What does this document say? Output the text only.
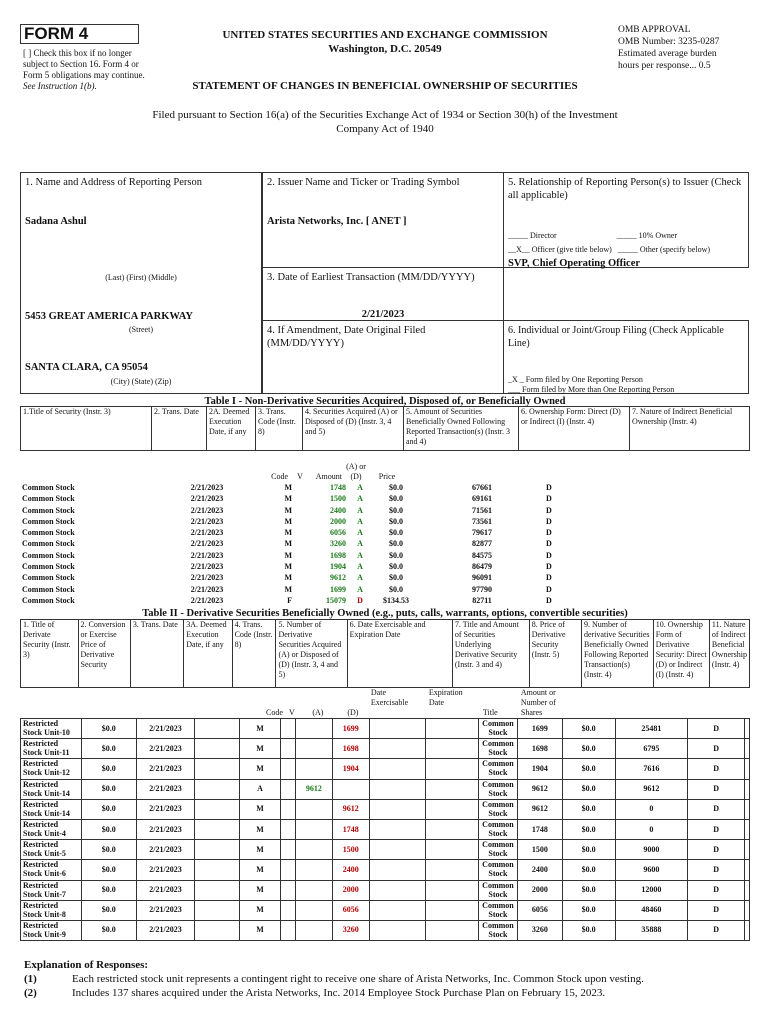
FORM 4
[ ] Check this box if no longer subject to Section 16. Form 4 or Form 5 obligations may continue. See Instruction 1(b).
UNITED STATES SECURITIES AND EXCHANGE COMMISSION
Washington, D.C. 20549
OMB APPROVAL
OMB Number: 3235-0287
Estimated average burden
hours per response... 0.5
STATEMENT OF CHANGES IN BENEFICIAL OWNERSHIP OF SECURITIES
Filed pursuant to Section 16(a) of the Securities Exchange Act of 1934 or Section 30(h) of the Investment Company Act of 1940
1. Name and Address of Reporting Person
Sadana Ashul
(Last) (First) (Middle)
5453 GREAT AMERICA PARKWAY
(Street)
SANTA CLARA, CA 95054
(City) (State) (Zip)
2. Issuer Name and Ticker or Trading Symbol
Arista Networks, Inc. [ ANET ]
3. Date of Earliest Transaction (MM/DD/YYYY)
2/21/2023
4. If Amendment, Date Original Filed (MM/DD/YYYY)
5. Relationship of Reporting Person(s) to Issuer (Check all applicable)
_____ Director                              _____ 10% Owner
__X__ Officer (give title below)   _____ Other (specify below)
SVP, Chief Operating Officer
6. Individual or Joint/Group Filing (Check Applicable Line)
_X _ Form filed by One Reporting Person
___ Form filed by More than One Reporting Person
Table I - Non-Derivative Securities Acquired, Disposed of, or Beneficially Owned
1.Title of Security (Instr. 3)	2. Trans. Date	2A. Deemed Execution Date, if any	3. Trans. Code (Instr. 8)	4. Securities Acquired (A) or Disposed of (D) (Instr. 3, 4 and 5)	5. Amount of Securities Beneficially Owned Following Reported Transaction(s) (Instr. 3 and 4)	6. Ownership Form: Direct (D) or Indirect (I) (Instr. 4)	7. Nature of Indirect Beneficial Ownership (Instr. 4)
	Code	V	Amount	(A) or (D)	Price	
Common Stock	2/21/2023	M		1748	A	$0.0	67661	D	
Common Stock	2/21/2023	M		1500	A	$0.0	69161	D	
Common Stock	2/21/2023	M		2400	A	$0.0	71561	D	
Common Stock	2/21/2023	M		2000	A	$0.0	73561	D	
Common Stock	2/21/2023	M		6056	A	$0.0	79617	D	
Common Stock	2/21/2023	M		3260	A	$0.0	82877	D	
Common Stock	2/21/2023	M		1698	A	$0.0	84575	D	
Common Stock	2/21/2023	M		1904	A	$0.0	86479	D	
Common Stock	2/21/2023	M		9612	A	$0.0	96091	D	
Common Stock	2/21/2023	M		1699	A	$0.0	97790	D	
Common Stock	2/21/2023	F		15079	D	$134.53	82711	D	
Table II - Derivative Securities Beneficially Owned (e.g., puts, calls, warrants, options, convertible securities)
1. Title of Derivate Security (Instr. 3)	2. Conversion or Exercise Price of Derivative Security	3. Trans. Date	3A. Deemed Execution Date, if any	4. Trans. Code (Instr. 8)	5. Number of Derivative Securities Acquired (A) or Disposed of (D) (Instr. 3, 4 and 5)	6. Date Exercisable and Expiration Date	7. Title and Amount of Securities Underlying Derivative Security (Instr. 3 and 4)	8. Price of Derivative Security (Instr. 5)	9. Number of derivative Securities Beneficially Owned Following Reported Transaction(s) (Instr. 4)	10. Ownership Form of Derivative Security: Direct (D) or Indirect (I) (Instr. 4)	11. Nature of Indirect Beneficial Ownership (Instr. 4)
	Code	V	(A)	(D)	Date Exercisable	Expiration Date	Title	Amount or Number of Shares	
Restricted Stock Unit-10	$0.0	2/21/2023		M			1699			Common Stock	1699	$0.0	25481	D	
Restricted Stock Unit-11	$0.0	2/21/2023		M			1698			Common Stock	1698	$0.0	6795	D	
Restricted Stock Unit-12	$0.0	2/21/2023		M			1904			Common Stock	1904	$0.0	7616	D	
Restricted Stock Unit-14	$0.0	2/21/2023		A		9612				Common Stock	9612	$0.0	9612	D	
Restricted Stock Unit-14	$0.0	2/21/2023		M			9612			Common Stock	9612	$0.0	0	D	
Restricted Stock Unit-4	$0.0	2/21/2023		M			1748			Common Stock	1748	$0.0	0	D	
Restricted Stock Unit-5	$0.0	2/21/2023		M			1500			Common Stock	1500	$0.0	9000	D	
Restricted Stock Unit-6	$0.0	2/21/2023		M			2400			Common Stock	2400	$0.0	9600	D	
Restricted Stock Unit-7	$0.0	2/21/2023		M			2000			Common Stock	2000	$0.0	12000	D	
Restricted Stock Unit-8	$0.0	2/21/2023		M			6056			Common Stock	6056	$0.0	48460	D	
Restricted Stock Unit-9	$0.0	2/21/2023		M			3260			Common Stock	3260	$0.0	35888	D	
Explanation of Responses:
(1)	Each restricted stock unit represents a contingent right to receive one share of Arista Networks, Inc. Common Stock upon vesting.
(2)	Includes 137 shares acquired under the Arista Networks, Inc. 2014 Employee Stock Purchase Plan on February 15, 2023.
